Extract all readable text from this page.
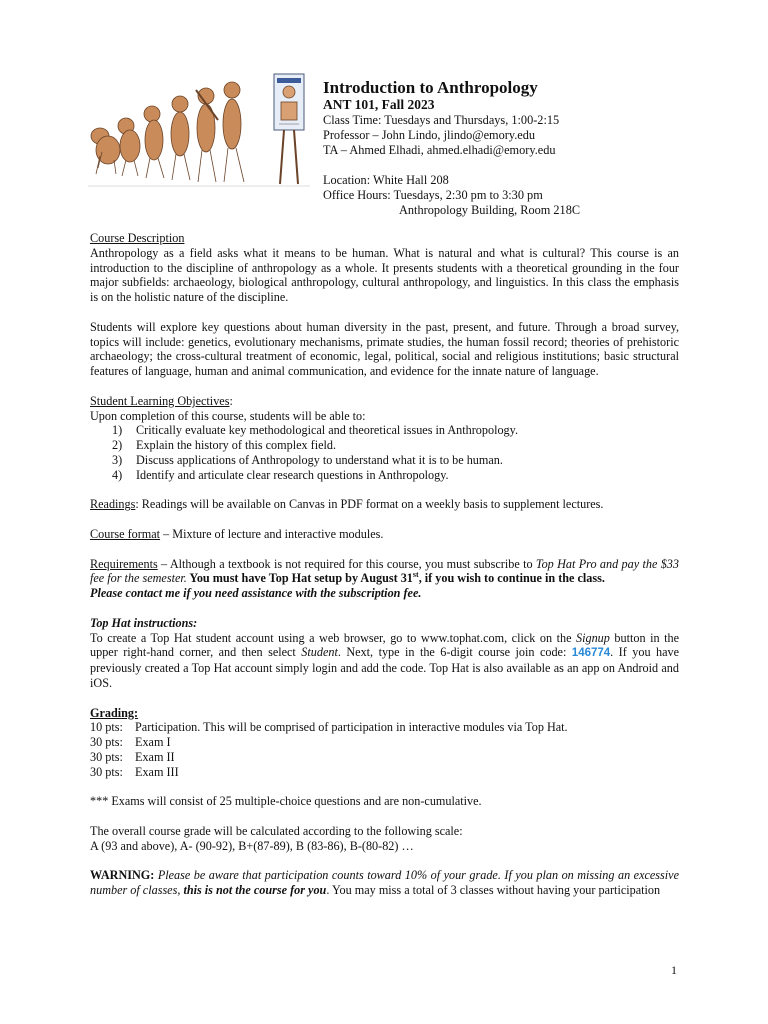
Introduction to Anthropology
ANT 101, Fall 2023
Class Time: Tuesdays and Thursdays, 1:00-2:15
Professor – John Lindo, jlindo@emory.edu
TA – Ahmed Elhadi, ahmed.elhadi@emory.edu
Location: White Hall 208
Office Hours: Tuesdays, 2:30 pm to 3:30 pm
Anthropology Building, Room 218C

Course Description

Anthropology as a field asks what it means to be human. What is natural and what is cultural? This course is an introduction to the discipline of anthropology as a whole. It presents students with a theoretical grounding in the four major subfields: archaeology, biological anthropology, cultural anthropology, and linguistics. In this class the emphasis is on the holistic nature of the discipline.

Students will explore key questions about human diversity in the past, present, and future. Through a broad survey, topics will include: genetics, evolutionary mechanisms, primate studies, the human fossil record; theories of prehistoric archaeology; the cross-cultural treatment of economic, legal, political, social and religious institutions; basic structural features of language, human and animal communication, and evidence for the innate nature of language.

Student Learning Objectives:

Upon completion of this course, students will be able to:

1)	Critically evaluate key methodological and theoretical issues in Anthropology.
2)	Explain the history of this complex field.
3)	Discuss applications of Anthropology to understand what it is to be human.
4)	Identify and articulate clear research questions in Anthropology.

Readings: Readings will be available on Canvas in PDF format on a weekly basis to supplement lectures.

Course format – Mixture of lecture and interactive modules.

Requirements – Although a textbook is not required for this course, you must subscribe to Top Hat Pro and pay the $33 fee for the semester. You must have Top Hat setup by August 31st, if you wish to continue in the class.

Please contact me if you need assistance with the subscription fee.

Top Hat instructions:

To create a Top Hat student account using a web browser, go to www.tophat.com, click on the Signup button in the upper right-hand corner, and then select Student. Next, type in the 6-digit course join code: 146774. If you have previously created a Top Hat account simply login and add the code. Top Hat is also available as an app on Android and iOS.

Grading:

10 pts: Participation. This will be comprised of participation in interactive modules via Top Hat.
30 pts: Exam I
30 pts: Exam II
30 pts: Exam III

*** Exams will consist of 25 multiple-choice questions and are non-cumulative.

The overall course grade will be calculated according to the following scale:

A (93 and above), A- (90-92), B+(87-89), B (83-86), B-(80-82) …

WARNING: Please be aware that participation counts toward 10% of your grade. If you plan on missing an excessive number of classes, this is not the course for you. You may miss a total of 3 classes without having your participation

1
